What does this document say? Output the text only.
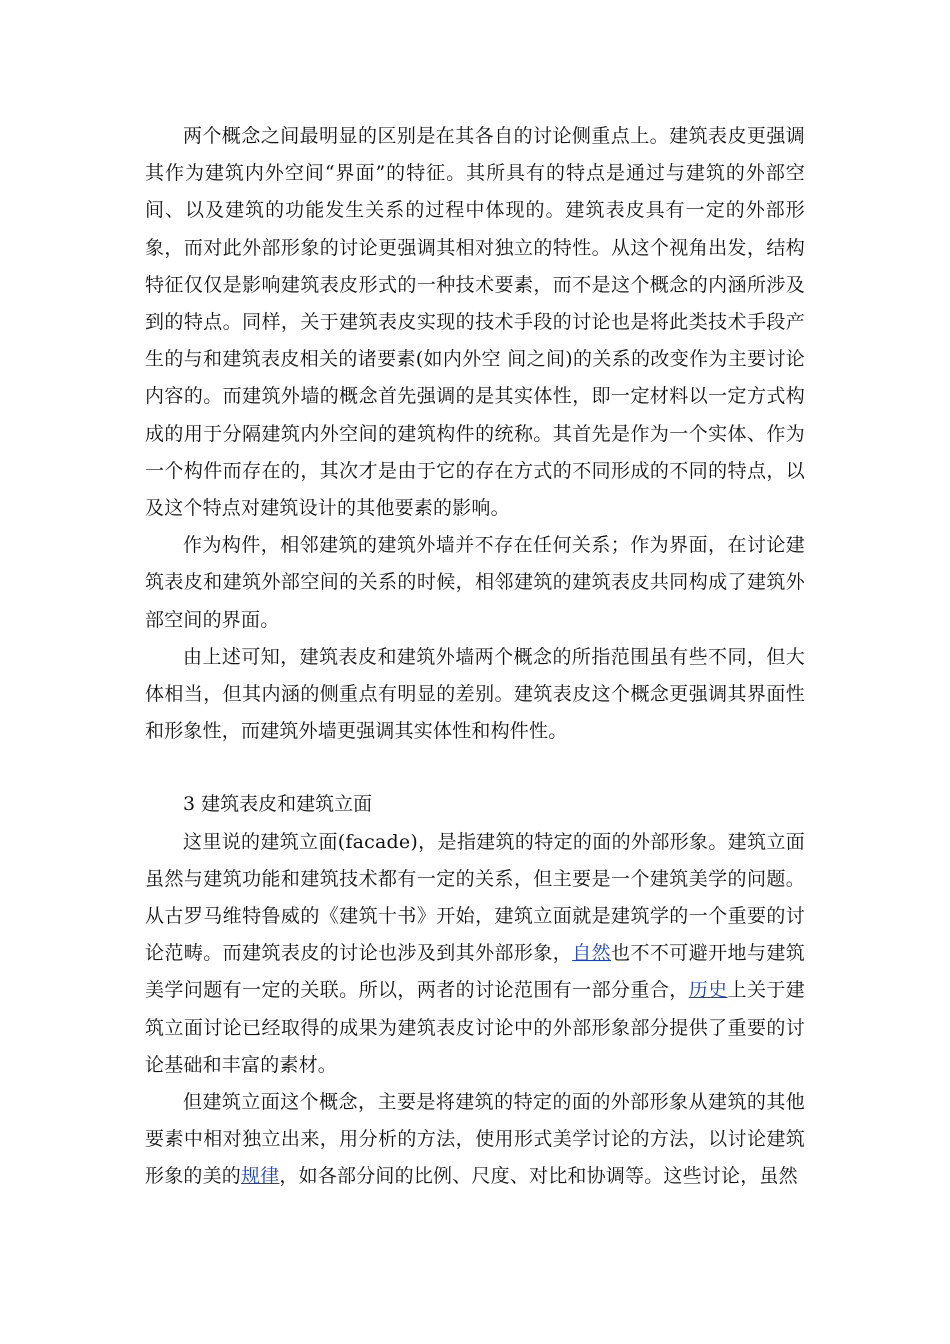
两个概念之间最明显的区别是在其各自的讨论侧重点上。建筑表皮更强调其作为建筑内外空间“界面”的特征。其所具有的特点是通过与建筑的外部空间、以及建筑的功能发生关系的过程中体现的。建筑表皮具有一定的外部形象，而对此外部形象的讨论更强调其相对独立的特性。从这个视角出发，结构特征仅仅是影响建筑表皮形式的一种技术要素，而不是这个概念的内涵所涉及到的特点。同样，关于建筑表皮实现的技术手段的讨论也是将此类技术手段产生的与和建筑表皮相关的诸要素(如内外空 间之间)的关系的改变作为主要讨论内容的。而建筑外墙的概念首先强调的是其实体性，即一定材料以一定方式构成的用于分隔建筑内外空间的建筑构件的统称。其首先是作为一个实体、作为一个构件而存在的，其次才是由于它的存在方式的不同形成的不同的特点，以及这个特点对建筑设计的其他要素的影响。

作为构件，相邻建筑的建筑外墙并不存在任何关系；作为界面，在讨论建筑表皮和建筑外部空间的关系的时候，相邻建筑的建筑表皮共同构成了建筑外部空间的界面。

由上述可知，建筑表皮和建筑外墙两个概念的所指范围虽有些不同，但大体相当，但其内涵的侧重点有明显的差别。建筑表皮这个概念更强调其界面性和形象性，而建筑外墙更强调其实体性和构件性。

3 建筑表皮和建筑立面

这里说的建筑立面(facade)，是指建筑的特定的面的外部形象。建筑立面虽然与建筑功能和建筑技术都有一定的关系，但主要是一个建筑美学的问题。从古罗马维特鲁威的《建筑十书》开始，建筑立面就是建筑学的一个重要的讨论范畴。而建筑表皮的讨论也涉及到其外部形象，自然也不不可避开地与建筑美学问题有一定的关联。所以，两者的讨论范围有一部分重合，历史上关于建筑立面讨论已经取得的成果为建筑表皮讨论中的外部形象部分提供了重要的讨论基础和丰富的素材。

但建筑立面这个概念，主要是将建筑的特定的面的外部形象从建筑的其他要素中相对独立出来，用分析的方法，使用形式美学讨论的方法，以讨论建筑形象的美的规律，如各部分间的比例、尺度、对比和协调等。这些讨论，虽然
